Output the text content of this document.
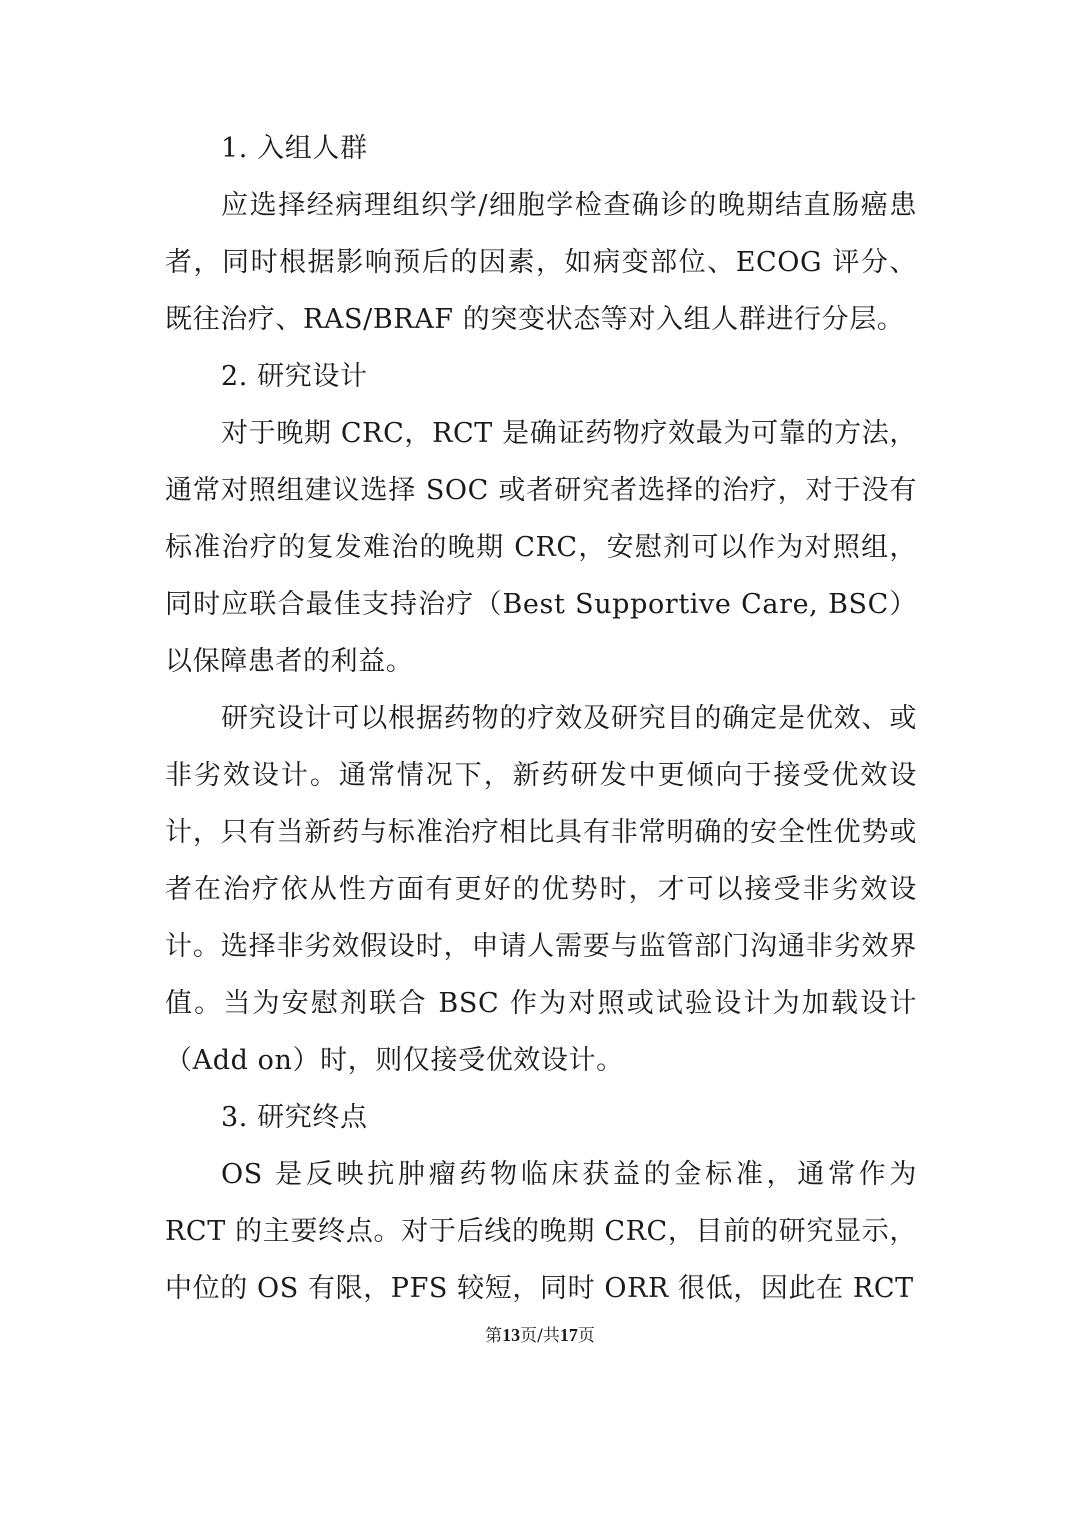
1. 入组人群

应选择经病理组织学/细胞学检查确诊的晚期结直肠癌患者，同时根据影响预后的因素，如病变部位、ECOG 评分、既往治疗、RAS/BRAF 的突变状态等对入组人群进行分层。

2. 研究设计

对于晚期 CRC，RCT 是确证药物疗效最为可靠的方法，通常对照组建议选择 SOC 或者研究者选择的治疗，对于没有标准治疗的复发难治的晚期 CRC，安慰剂可以作为对照组，同时应联合最佳支持治疗（Best Supportive Care, BSC）以保障患者的利益。

研究设计可以根据药物的疗效及研究目的确定是优效、或非劣效设计。通常情况下，新药研发中更倾向于接受优效设计，只有当新药与标准治疗相比具有非常明确的安全性优势或者在治疗依从性方面有更好的优势时，才可以接受非劣效设计。选择非劣效假设时，申请人需要与监管部门沟通非劣效界值。当为安慰剂联合 BSC 作为对照或试验设计为加载设计（Add on）时，则仅接受优效设计。

3. 研究终点

OS 是反映抗肿瘤药物临床获益的金标准，通常作为 RCT 的主要终点。对于后线的晚期 CRC，目前的研究显示，中位的 OS 有限，PFS 较短，同时 ORR 很低，因此在 RCT

第13页/共17页
